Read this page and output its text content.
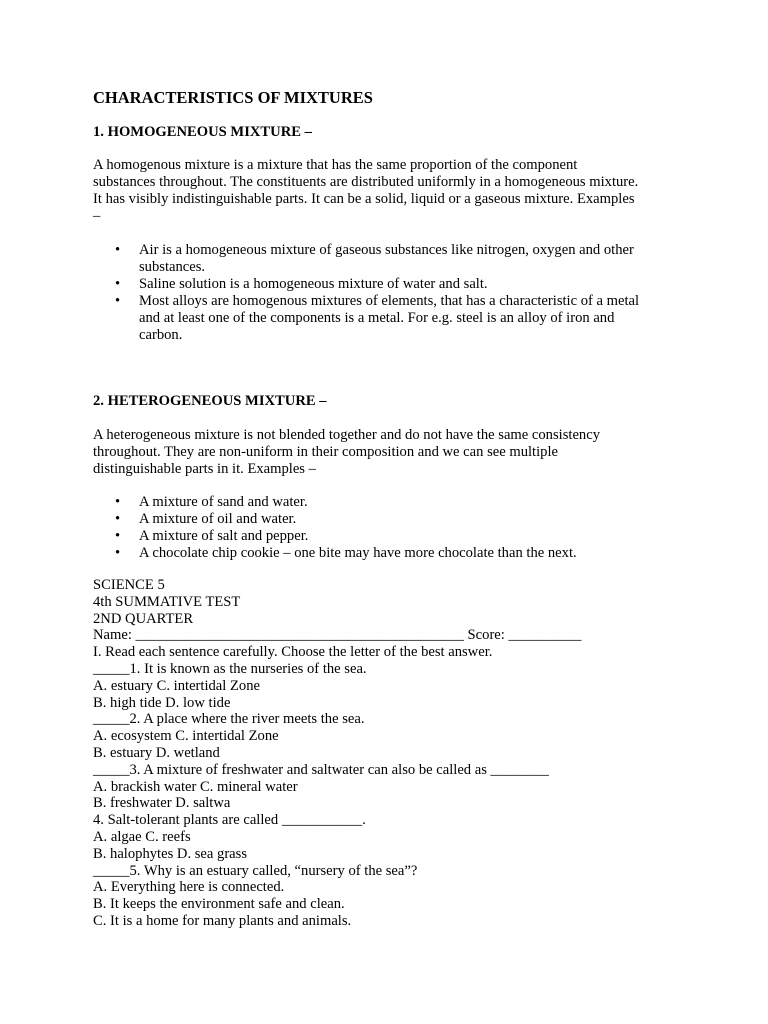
CHARACTERISTICS OF MIXTURES
1. HOMOGENEOUS MIXTURE –
A homogenous mixture is a mixture that has the same proportion of the component
substances throughout. The constituents are distributed uniformly in a homogeneous mixture.
It has visibly indistinguishable parts. It can be a solid, liquid or a gaseous mixture. Examples
–
• Air is a homogeneous mixture of gaseous substances like nitrogen, oxygen and other
substances.
• Saline solution is a homogeneous mixture of water and salt.
• Most alloys are homogenous mixtures of elements, that has a characteristic of a metal
and at least one of the components is a metal. For e.g. steel is an alloy of iron and
carbon.
2. HETEROGENEOUS MIXTURE –
A heterogeneous mixture is not blended together and do not have the same consistency
throughout. They are non-uniform in their composition and we can see multiple
distinguishable parts in it. Examples –
• A mixture of sand and water.
• A mixture of oil and water.
• A mixture of salt and pepper.
• A chocolate chip cookie – one bite may have more chocolate than the next.
SCIENCE 5
4th SUMMATIVE TEST
2ND QUARTER
Name: _____________________________________________ Score: __________
I. Read each sentence carefully. Choose the letter of the best answer.
_____1. It is known as the nurseries of the sea.
A. estuary C. intertidal Zone
B. high tide D. low tide
_____2. A place where the river meets the sea.
A. ecosystem C. intertidal Zone
B. estuary D. wetland
_____3. A mixture of freshwater and saltwater can also be called as ________
A. brackish water C. mineral water
B. freshwater D. saltwa
4. Salt-tolerant plants are called ___________.
A. algae C. reefs
B. halophytes D. sea grass
_____5. Why is an estuary called, “nursery of the sea”?
A. Everything here is connected.
B. It keeps the environment safe and clean.
C. It is a home for many plants and animals.
